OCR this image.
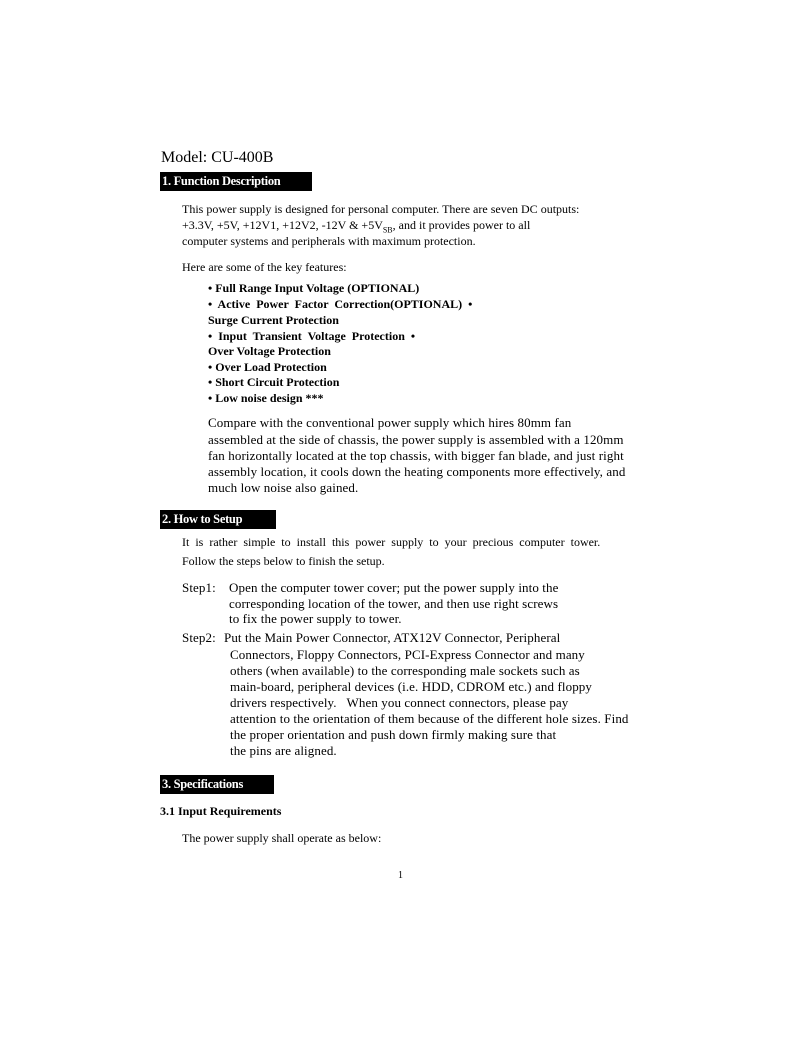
Model: CU-400B
1. Function Description
This power supply is designed for personal computer. There are seven DC outputs:
+3.3V, +5V, +12V1, +12V2, -12V & $+5V_{SB}$, and it provides power to all
computer systems and peripherals with maximum protection.
Here are some of the key features:
• Full Range Input Voltage (OPTIONAL)
•  Active  Power  Factor  Correction(OPTIONAL)  •
Surge Current Protection
•  Input  Transient  Voltage  Protection  •
Over Voltage Protection
• Over Load Protection
• Short Circuit Protection
• Low noise design ***
Compare with the conventional power supply which hires 80mm fan
assembled at the side of chassis, the power supply is assembled with a 120mm
fan horizontally located at the top chassis, with bigger fan blade, and just right
assembly location, it cools down the heating components more effectively, and
much low noise also gained.
2. How to Setup
It  is  rather  simple  to  install  this  power  supply  to  your  precious  computer  tower.
Follow the steps below to finish the setup.
Step1: Open the computer tower cover; put the power supply into the
corresponding location of the tower, and then use right screws
to fix the power supply to tower.
Step2: Put the Main Power Connector, ATX12V Connector, Peripheral
Connectors, Floppy Connectors, PCI-Express Connector and many
others (when available) to the corresponding male sockets such as
main-board, peripheral devices (i.e. HDD, CDROM etc.) and floppy
drivers respectively.   When you connect connectors, please pay
attention to the orientation of them because of the different hole sizes. Find
the proper orientation and push down firmly making sure that
the pins are aligned.
3. Specifications
3.1 Input Requirements
The power supply shall operate as below:
1
